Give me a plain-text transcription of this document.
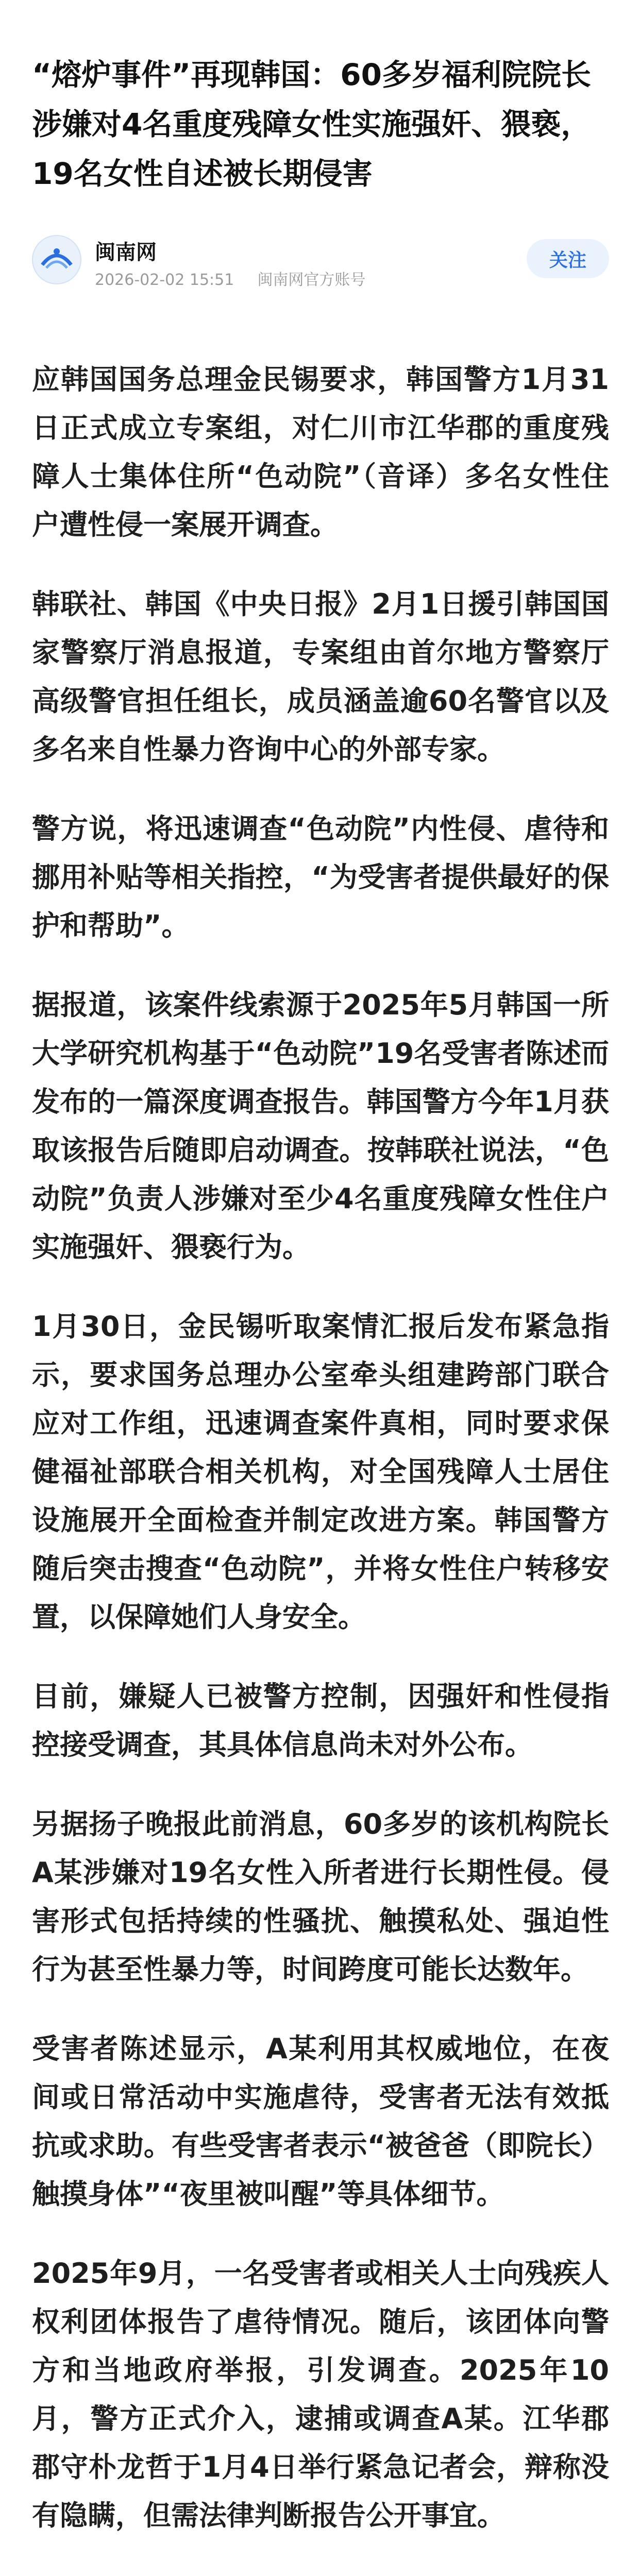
“熔炉事件”再现韩国：60多岁福利院院长涉嫌对4名重度残障女性实施强奸、猥亵，19名女性自述被长期侵害
闽南网
2026-02-02 15:51 闽南网官方账号
关注

应韩国国务总理金民锡要求，韩国警方1月31日正式成立专案组，对仁川市江华郡的重度残障人士集体住所“色动院”（音译）多名女性住户遭性侵一案展开调查。

韩联社、韩国《中央日报》2月1日援引韩国国家警察厅消息报道，专案组由首尔地方警察厅高级警官担任组长，成员涵盖逾60名警官以及多名来自性暴力咨询中心的外部专家。

警方说，将迅速调查“色动院”内性侵、虐待和挪用补贴等相关指控，“为受害者提供最好的保护和帮助”。

据报道，该案件线索源于2025年5月韩国一所大学研究机构基于“色动院”19名受害者陈述而发布的一篇深度调查报告。韩国警方今年1月获取该报告后随即启动调查。按韩联社说法，“色动院”负责人涉嫌对至少4名重度残障女性住户实施强奸、猥亵行为。

1月30日，金民锡听取案情汇报后发布紧急指示，要求国务总理办公室牵头组建跨部门联合应对工作组，迅速调查案件真相，同时要求保健福祉部联合相关机构，对全国残障人士居住设施展开全面检查并制定改进方案。韩国警方随后突击搜查“色动院”，并将女性住户转移安置，以保障她们人身安全。

目前，嫌疑人已被警方控制，因强奸和性侵指控接受调查，其具体信息尚未对外公布。

另据扬子晚报此前消息，60多岁的该机构院长A某涉嫌对19名女性入所者进行长期性侵。侵害形式包括持续的性骚扰、触摸私处、强迫性行为甚至性暴力等，时间跨度可能长达数年。

受害者陈述显示，A某利用其权威地位，在夜间或日常活动中实施虐待，受害者无法有效抵抗或求助。有些受害者表示“被爸爸（即院长）触摸身体”“夜里被叫醒”等具体细节。

2025年9月，一名受害者或相关人士向残疾人权利团体报告了虐待情况。随后，该团体向警方和当地政府举报，引发调查。2025年10月，警方正式介入，逮捕或调查A某。江华郡郡守朴龙哲于1月4日举行紧急记者会，辩称没有隐瞒，但需法律判断报告公开事宜。
